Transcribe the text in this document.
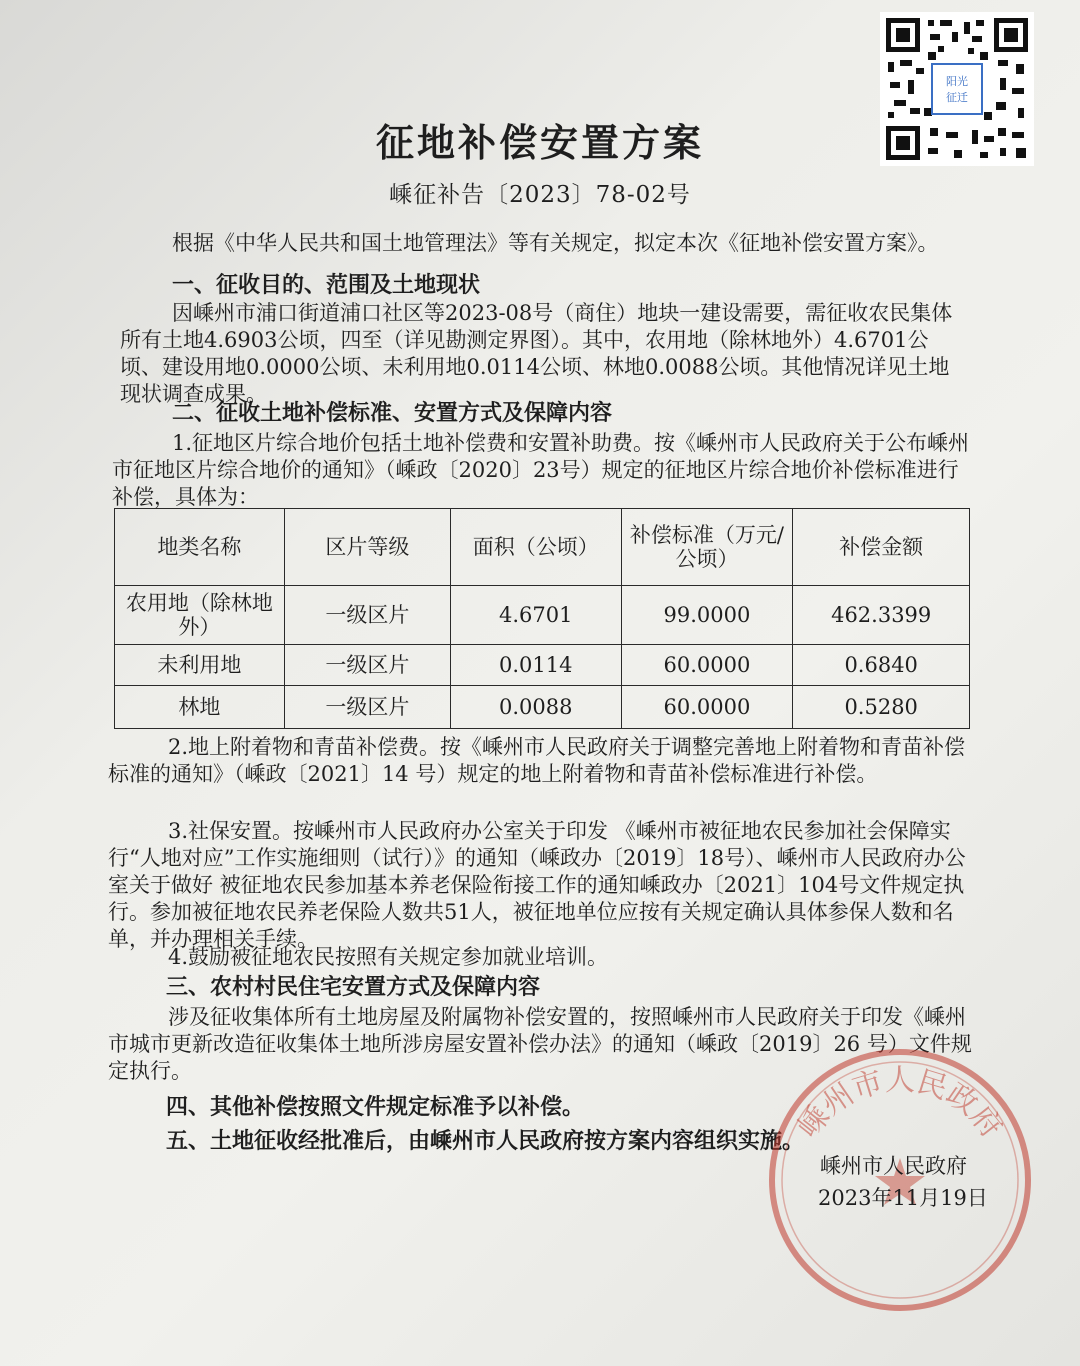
阳光
征迁
征地补偿安置方案
嵊征补告〔2023〕78-02号
根据《中华人民共和国土地管理法》等有关规定，拟定本次《征地补偿安置方案》。
一、征收目的、范围及土地现状
因嵊州市浦口街道浦口社区等2023-08号（商住）地块一建设需要，需征收农民集体所有土地4.6903公顷，四至（详见勘测定界图）。其中，农用地（除林地外）4.6701公顷、建设用地0.0000公顷、未利用地0.0114公顷、林地0.0088公顷。其他情况详见土地现状调查成果。
二、征收土地补偿标准、安置方式及保障内容
1.征地区片综合地价包括土地补偿费和安置补助费。按《嵊州市人民政府关于公布嵊州市征地区片综合地价的通知》（嵊政〔2020〕23号）规定的征地区片综合地价补偿标准进行补偿，具体为：
地类名称	区片等级	面积（公顷）	补偿标准（万元/公顷）	补偿金额
农用地（除林地外）	一级区片	4.6701	99.0000	462.3399
未利用地	一级区片	0.0114	60.0000	0.6840
林地	一级区片	0.0088	60.0000	0.5280
2.地上附着物和青苗补偿费。按《嵊州市人民政府关于调整完善地上附着物和青苗补偿标准的通知》（嵊政〔2021〕14 号）规定的地上附着物和青苗补偿标准进行补偿。
3.社保安置。按嵊州市人民政府办公室关于印发 《嵊州市被征地农民参加社会保障实行“人地对应”工作实施细则（试行）》的通知（嵊政办〔2019〕18号）、嵊州市人民政府办公室关于做好 被征地农民参加基本养老保险衔接工作的通知嵊政办〔2021〕104号文件规定执行。参加被征地农民养老保险人数共51人，被征地单位应按有关规定确认具体参保人数和名单，并办理相关手续。
4.鼓励被征地农民按照有关规定参加就业培训。
三、农村村民住宅安置方式及保障内容
涉及征收集体所有土地房屋及附属物补偿安置的，按照嵊州市人民政府关于印发《嵊州市城市更新改造征收集体土地所涉房屋安置补偿办法》的通知（嵊政〔2019〕26 号）文件规定执行。
四、其他补偿按照文件规定标准予以补偿。
五、土地征收经批准后，由嵊州市人民政府按方案内容组织实施。
嵊州市人民政府
嵊州市人民政府
2023年11月19日
